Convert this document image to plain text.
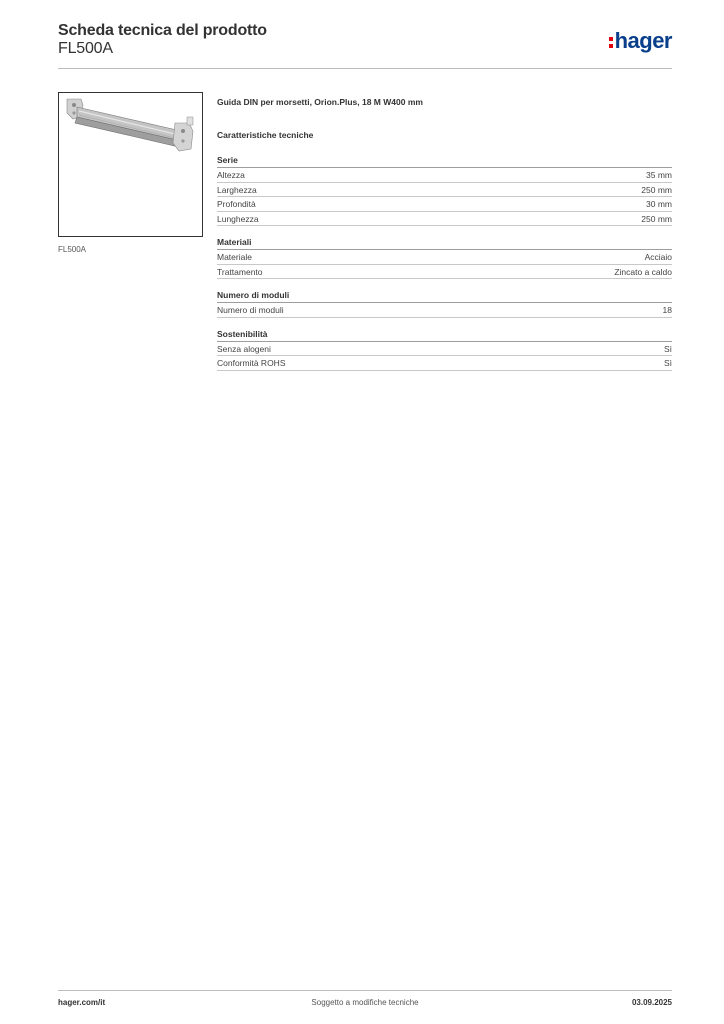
Scheda tecnica del prodotto
FL500A	hager
FL500A
Guida DIN per morsetti, Orion.Plus, 18 M W400 mm
Caratteristiche tecniche
Serie
Altezza	35 mm
Larghezza	250 mm
Profondità	30 mm
Lunghezza	250 mm
Materiali
Materiale	Acciaio
Trattamento	Zincato a caldo
Numero di moduli
Numero di moduli	18
Sostenibilità
Senza alogeni	Sì
Conformità ROHS	Sì
hager.com/it	Soggetto a modifiche tecniche	03.09.2025
